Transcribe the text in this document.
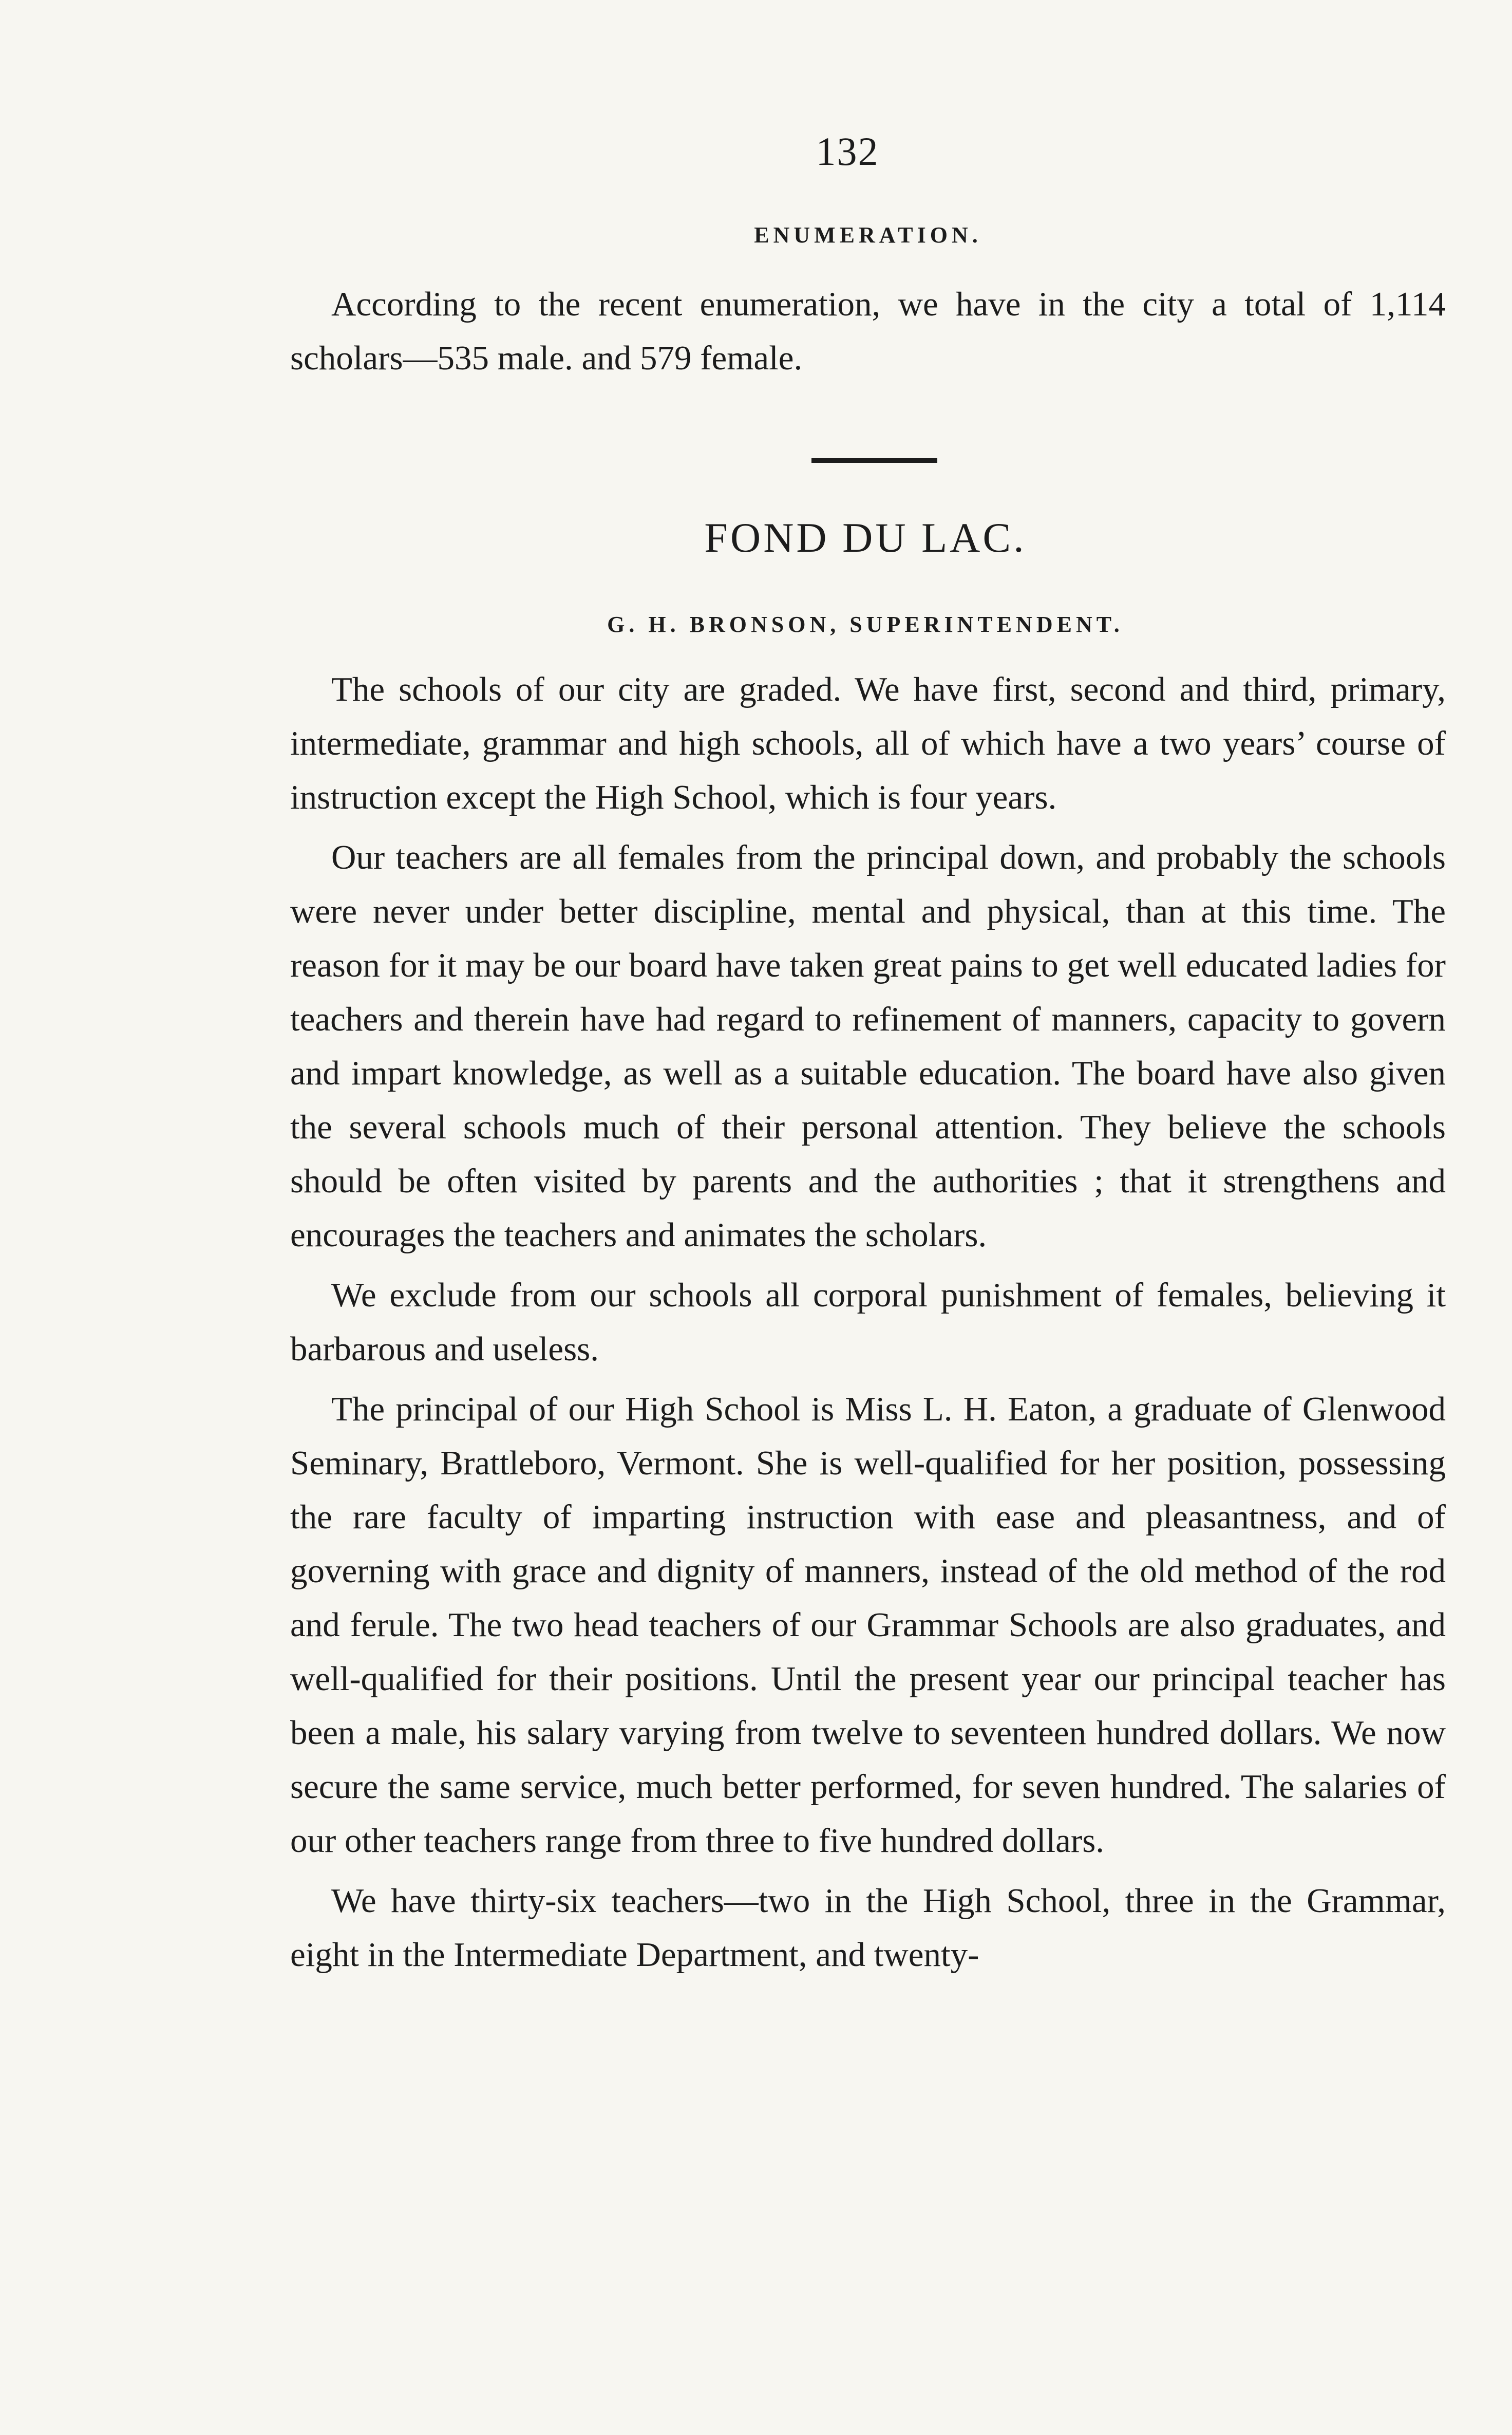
132
ENUMERATION.

According to the recent enumeration, we have in the city a total of 1,114 scholars—535 male. and 579 female.

FOND DU LAC.
G. H. BRONSON, SUPERINTENDENT.

The schools of our city are graded. We have first, second and third, primary, intermediate, grammar and high schools, all of which have a two years’ course of instruction except the High School, which is four years.

Our teachers are all females from the principal down, and probably the schools were never under better discipline, mental and physical, than at this time. The reason for it may be our board have taken great pains to get well educated ladies for teachers and therein have had regard to refinement of manners, capacity to govern and impart knowledge, as well as a suitable education. The board have also given the several schools much of their personal attention. They believe the schools should be often visited by parents and the authorities ; that it strengthens and encourages the teachers and animates the scholars.

We exclude from our schools all corporal punishment of females, believing it barbarous and useless.

The principal of our High School is Miss L. H. Eaton, a graduate of Glenwood Seminary, Brattleboro, Vermont. She is well-qualified for her position, possessing the rare faculty of imparting instruction with ease and pleasantness, and of governing with grace and dignity of manners, instead of the old method of the rod and ferule. The two head teachers of our Grammar Schools are also graduates, and well-qualified for their positions. Until the present year our principal teacher has been a male, his salary varying from twelve to seventeen hundred dollars. We now secure the same service, much better performed, for seven hundred. The salaries of our other teachers range from three to five hundred dollars.

We have thirty-six teachers—two in the High School, three in the Grammar, eight in the Intermediate Department, and twenty-
